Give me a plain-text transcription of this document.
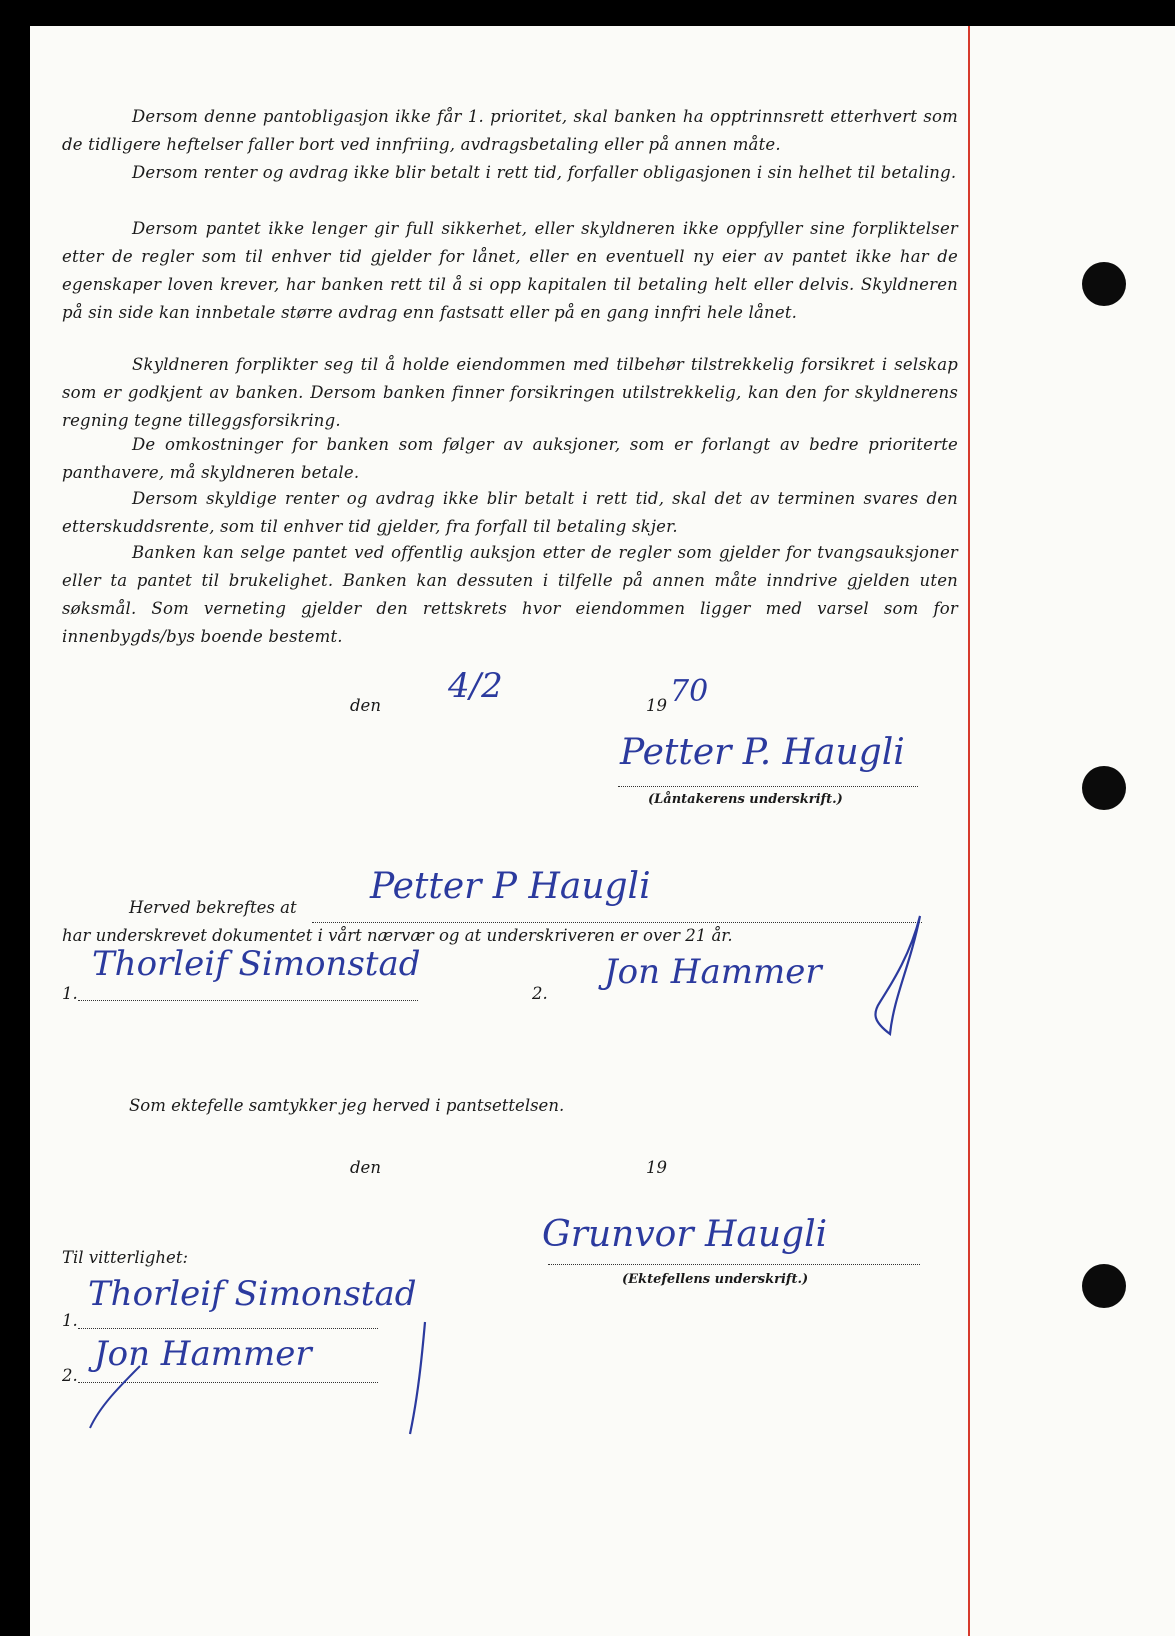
Dersom denne pantobligasjon ikke får 1. prioritet, skal banken ha opptrinnsrett etterhvert som de tidligere heftelser faller bort ved innfriing, avdragsbetaling eller på annen måte.

Dersom renter og avdrag ikke blir betalt i rett tid, forfaller obligasjonen i sin helhet til betaling.

Dersom pantet ikke lenger gir full sikkerhet, eller skyldneren ikke oppfyller sine forpliktelser etter de regler som til enhver tid gjelder for lånet, eller en eventuell ny eier av pantet ikke har de egenskaper loven krever, har banken rett til å si opp kapitalen til betaling helt eller delvis. Skyldneren på sin side kan innbetale større avdrag enn fastsatt eller på en gang innfri hele lånet.

Skyldneren forplikter seg til å holde eiendommen med tilbehør tilstrekkelig forsikret i selskap som er godkjent av banken. Dersom banken finner forsikringen utilstrekkelig, kan den for skyldnerens regning tegne tilleggsforsikring.

De omkostninger for banken som følger av auksjoner, som er forlangt av bedre prioriterte panthavere, må skyldneren betale.

Dersom skyldige renter og avdrag ikke blir betalt i rett tid, skal det av terminen svares den etterskuddsrente, som til enhver tid gjelder, fra forfall til betaling skjer.

Banken kan selge pantet ved offentlig auksjon etter de regler som gjelder for tvangsauksjoner eller ta pantet til brukelighet. Banken kan dessuten i tilfelle på annen måte inndrive gjelden uten søksmål. Som verneting gjelder den rettskrets hvor eiendommen ligger med varsel som for innenbygds/bys boende bestemt.

den 4/2	19 70
Petter P. Haugli
(Låntakerens underskrift.)
Herved bekreftes at
Petter P Haugli
har underskrevet dokumentet i vårt nærvær og at underskriveren er over 21 år.
1.
Thorleif Simonstad
2.
Jon Hammer
Som ektefelle samtykker jeg herved i pantsettelsen.
den	19
Til vitterlighet:
Grunvor Haugli
(Ektefellens underskrift.)
1.
Thorleif Simonstad
2.
Jon Hammer
